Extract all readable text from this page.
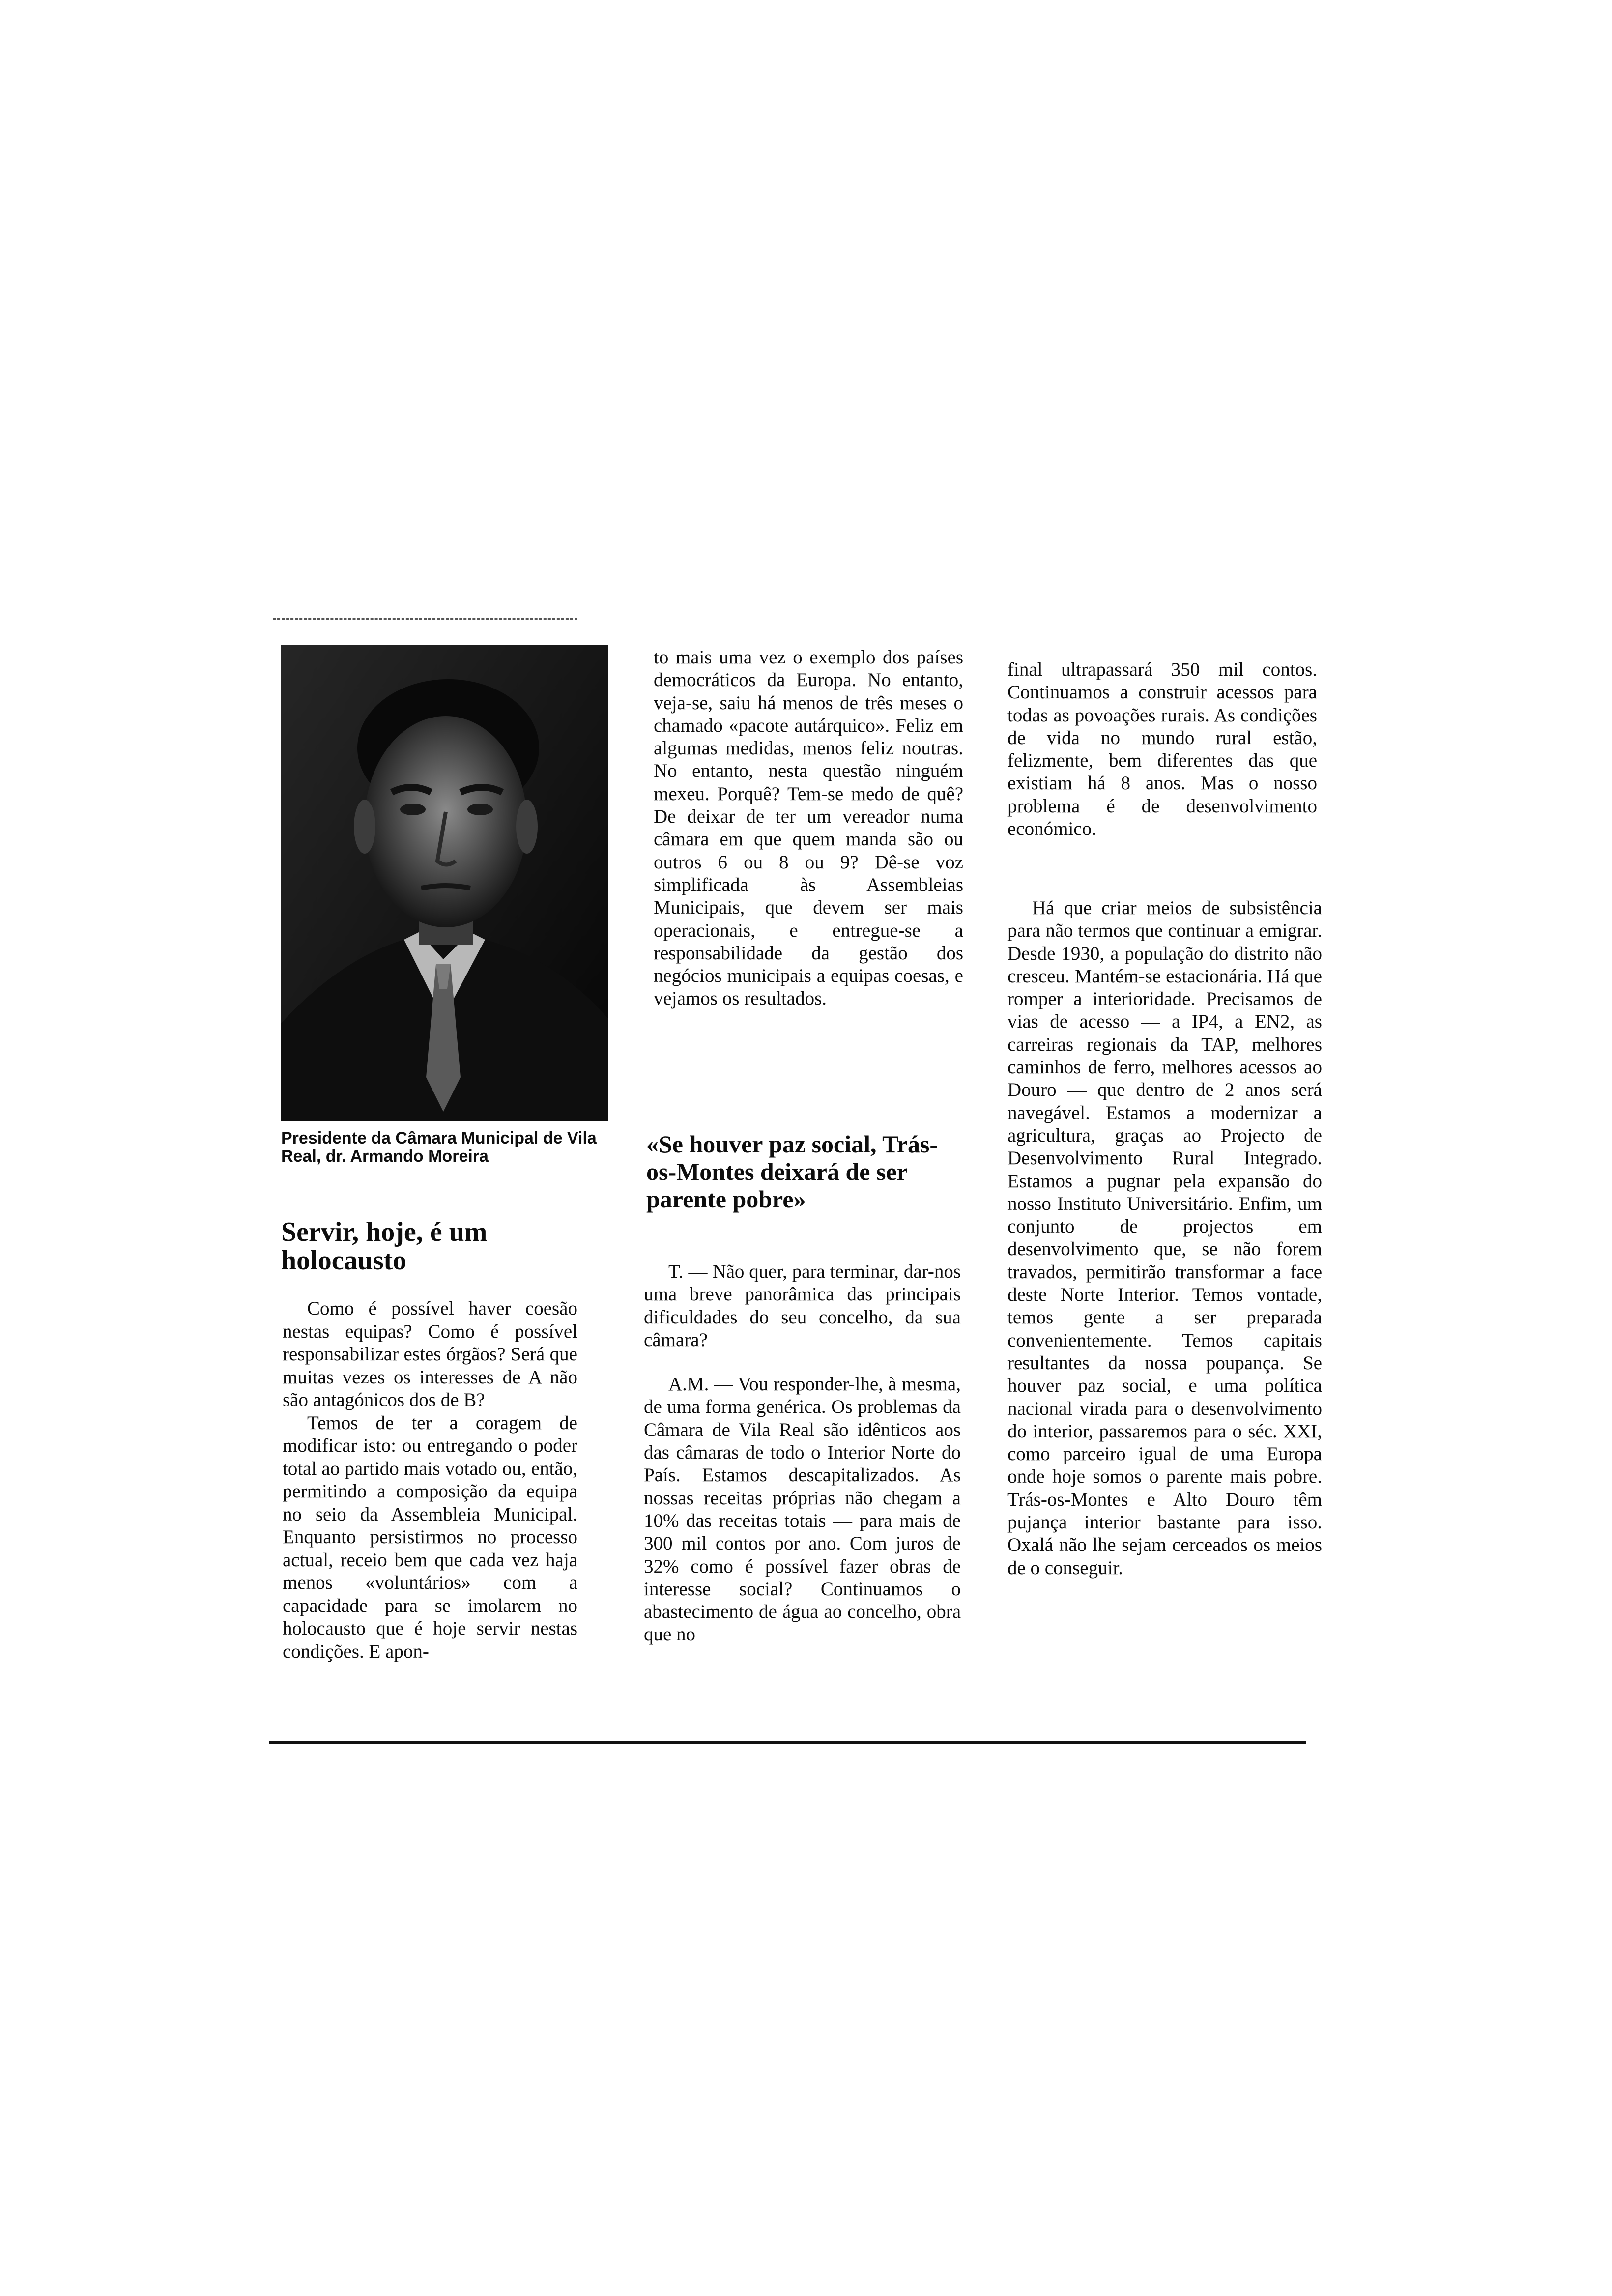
Presidente da Câmara Municipal de Vila Real, dr. Armando Moreira
Servir, hoje, é um holocausto

Como é possível haver coesão nestas equipas? Como é possível responsabilizar estes órgãos? Será que muitas vezes os interesses de A não são antagónicos dos de B?

Temos de ter a coragem de modificar isto: ou entregando o poder total ao partido mais votado ou, então, permitindo a composição da equipa no seio da Assembleia Municipal. Enquanto persistirmos no processo actual, receio bem que cada vez haja menos «voluntários» com a capacidade para se imolarem no holocausto que é hoje servir nestas condições. E apon-

to mais uma vez o exemplo dos países democráticos da Europa. No entanto, veja-se, saiu há menos de três meses o chamado «pacote autárquico». Feliz em algumas medidas, menos feliz noutras. No entanto, nesta questão ninguém mexeu. Porquê? Tem-se medo de quê? De deixar de ter um vereador numa câmara em que quem manda são ou outros 6 ou 8 ou 9? Dê-se voz simplificada às Assembleias Municipais, que devem ser mais operacionais, e entregue-se a responsabilidade da gestão dos negócios municipais a equipas coesas, e vejamos os resultados.

«Se houver paz social, Trás-os-Montes deixará de ser parente pobre»

T. — Não quer, para terminar, dar-nos uma breve panorâmica das principais dificuldades do seu concelho, da sua câmara?

A.M. — Vou responder-lhe, à mesma, de uma forma genérica. Os problemas da Câmara de Vila Real são idênticos aos das câmaras de todo o Interior Norte do País. Estamos descapitalizados. As nossas receitas próprias não chegam a 10% das receitas totais — para mais de 300 mil contos por ano. Com juros de 32% como é possível fazer obras de interesse social? Continuamos o abastecimento de água ao concelho, obra que no

final ultrapassará 350 mil contos. Continuamos a construir acessos para todas as povoações rurais. As condições de vida no mundo rural estão, felizmente, bem diferentes das que existiam há 8 anos. Mas o nosso problema é de desenvolvimento económico.

Há que criar meios de subsistência para não termos que continuar a emigrar. Desde 1930, a população do distrito não cresceu. Mantém-se estacionária. Há que romper a interioridade. Precisamos de vias de acesso — a IP4, a EN2, as carreiras regionais da TAP, melhores caminhos de ferro, melhores acessos ao Douro — que dentro de 2 anos será navegável. Estamos a modernizar a agricultura, graças ao Projecto de Desenvolvimento Rural Integrado. Estamos a pugnar pela expansão do nosso Instituto Universitário. Enfim, um conjunto de projectos em desenvolvimento que, se não forem travados, permitirão transformar a face deste Norte Interior. Temos vontade, temos gente a ser preparada convenientemente. Temos capitais resultantes da nossa poupança. Se houver paz social, e uma política nacional virada para o desenvolvimento do interior, passaremos para o séc. XXI, como parceiro igual de uma Europa onde hoje somos o parente mais pobre. Trás-os-Montes e Alto Douro têm pujança interior bastante para isso. Oxalá não lhe sejam cerceados os meios de o conseguir.
